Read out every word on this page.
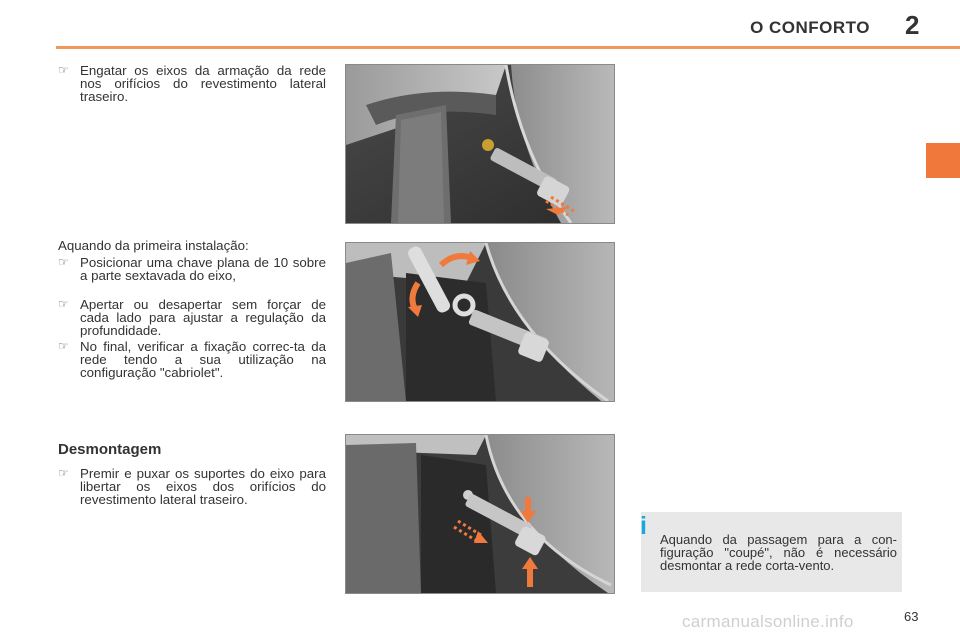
O CONFORTO 2
☞ Engatar os eixos da armação da rede nos orifícios do revestimento lateral traseiro.
Aquando da primeira instalação:
☞ Posicionar uma chave plana de 10 sobre a parte sextavada do eixo,
☞ Apertar ou desapertar sem forçar de cada lado para ajustar a regulação da profundidade.
☞ No final, verificar a fixação correc-ta da rede tendo a sua utilização na configuração "cabriolet".
Desmontagem
☞ Premir e puxar os suportes do eixo para libertar os eixos dos orifícios do revestimento lateral traseiro.
i Aquando da passagem para a con-figuração "coupé", não é necessário desmontar a rede corta-vento.
63
carmanualsonline.info
